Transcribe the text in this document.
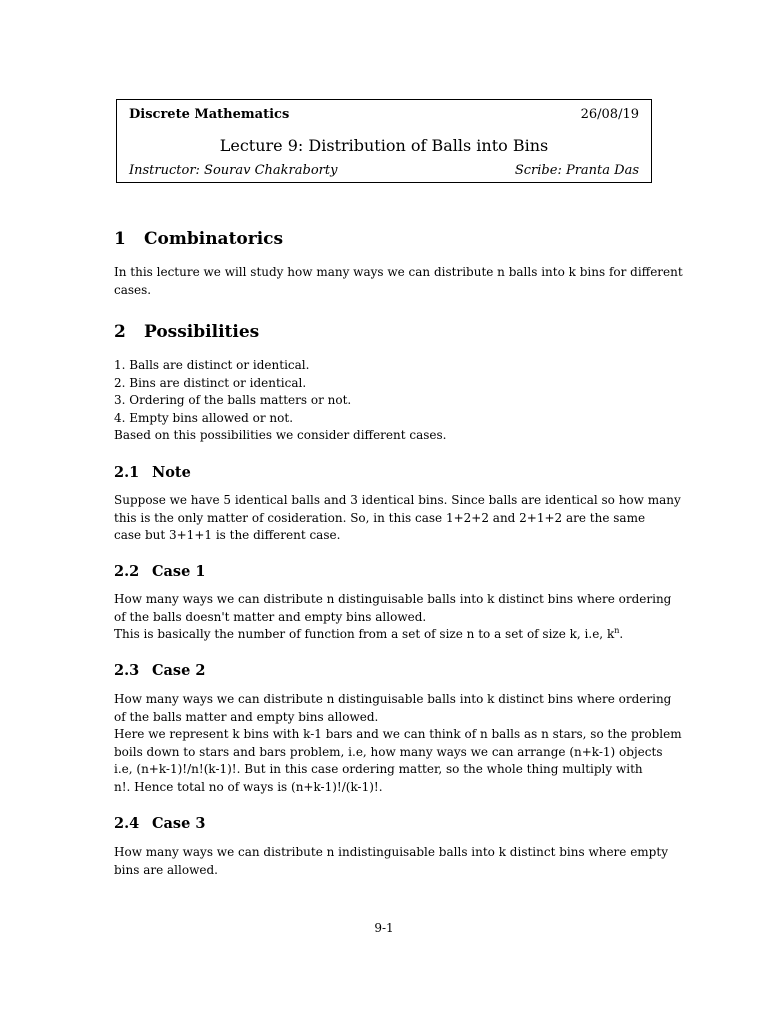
Discrete Mathematics	26/08/19
Lecture 9: Distribution of Balls into Bins
Instructor: Sourav Chakraborty	Scribe: Pranta Das
1 Combinatorics

In this lecture we will study how many ways we can distribute n balls into k bins for different
cases.

2 Possibilities

1. Balls are distinct or identical.
2. Bins are distinct or identical.
3. Ordering of the balls matters or not.
4. Empty bins allowed or not.
Based on this possibilities we consider different cases.

2.1 Note

Suppose we have 5 identical balls and 3 identical bins. Since balls are identical so how many
this is the only matter of cosideration. So, in this case 1+2+2 and 2+1+2 are the same
case but 3+1+1 is the different case.

2.2 Case 1

How many ways we can distribute n distinguisable balls into k distinct bins where ordering
of the balls doesn't matter and empty bins allowed.
This is basically the number of function from a set of size n to a set of size k, i.e, $k^n$.

2.3 Case 2

How many ways we can distribute n distinguisable balls into k distinct bins where ordering
of the balls matter and empty bins allowed.
Here we represent k bins with k-1 bars and we can think of n balls as n stars, so the problem
boils down to stars and bars problem, i.e, how many ways we can arrange (n+k-1) objects
i.e, (n+k-1)!/n!(k-1)!. But in this case ordering matter, so the whole thing multiply with
n!. Hence total no of ways is (n+k-1)!/(k-1)!.

2.4 Case 3

How many ways we can distribute n indistinguisable balls into k distinct bins where empty
bins are allowed.

9-1
